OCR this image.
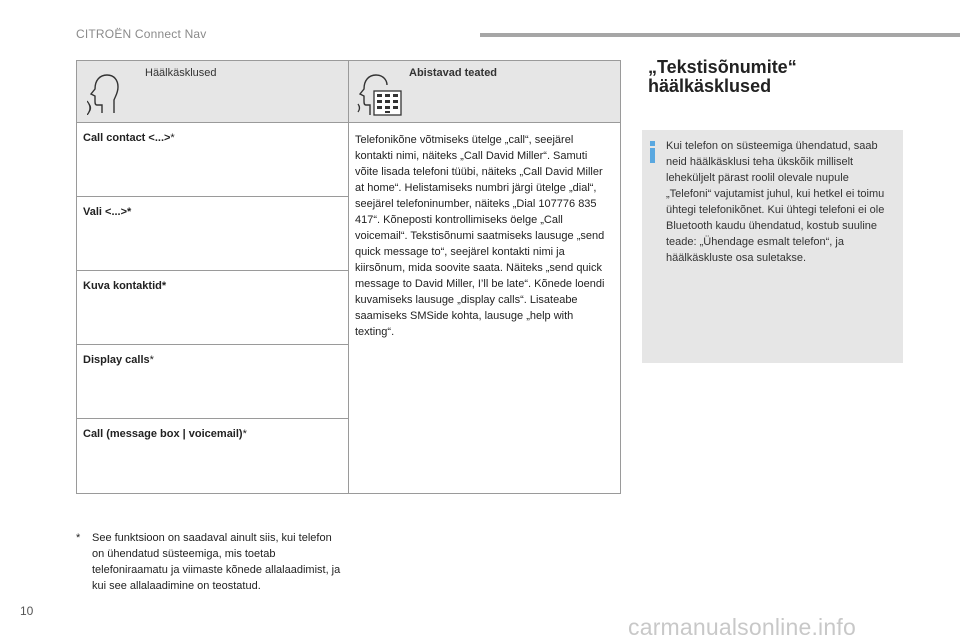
CITROËN Connect Nav
Häälkäsklused	Abistavad teated
Call contact <...>*
Vali <...>*
Kuva kontaktid*
Display calls*
Call (message box | voicemail)*

Telefonikõne võtmiseks ütelge „call“, seejärel kontakti nimi, näiteks „Call David Miller“. Samuti võite lisada telefoni tüübi, näiteks „Call David Miller at home“. Helistamiseks numbri järgi ütelge „dial“, seejärel telefoninumber, näiteks „Dial 107776 835 417“. Kõneposti kontrollimiseks öelge „Call voicemail“. Tekstisõnumi saatmiseks lausuge „send quick message to“, seejärel kontakti nimi ja kiirsõnum, mida soovite saata. Näiteks „send quick message to David Miller, I’ll be late“. Kõnede loendi kuvamiseks lausuge „display calls“. Lisateabe saamiseks SMSide kohta, lausuge „help with texting“.

*	See funktsioon on saadaval ainult siis, kui telefon on ühendatud süsteemiga, mis toetab telefoniraamatu ja viimaste kõnede allalaadimist, ja kui see allalaadimine on teostatud.
„Tekstisõnumite“
häälkäsklused

Kui telefon on süsteemiga ühendatud, saab neid häälkäsklusi teha ükskõik milliselt leheküljelt pärast roolil olevale nupule „Telefoni“ vajutamist juhul, kui hetkel ei toimu ühtegi telefonikõnet. Kui ühtegi telefoni ei ole Bluetooth kaudu ühendatud, kostub suuline teade: „Ühendage esmalt telefon“, ja häälkäskluste osa suletakse.

10
carmanualsonline.info
